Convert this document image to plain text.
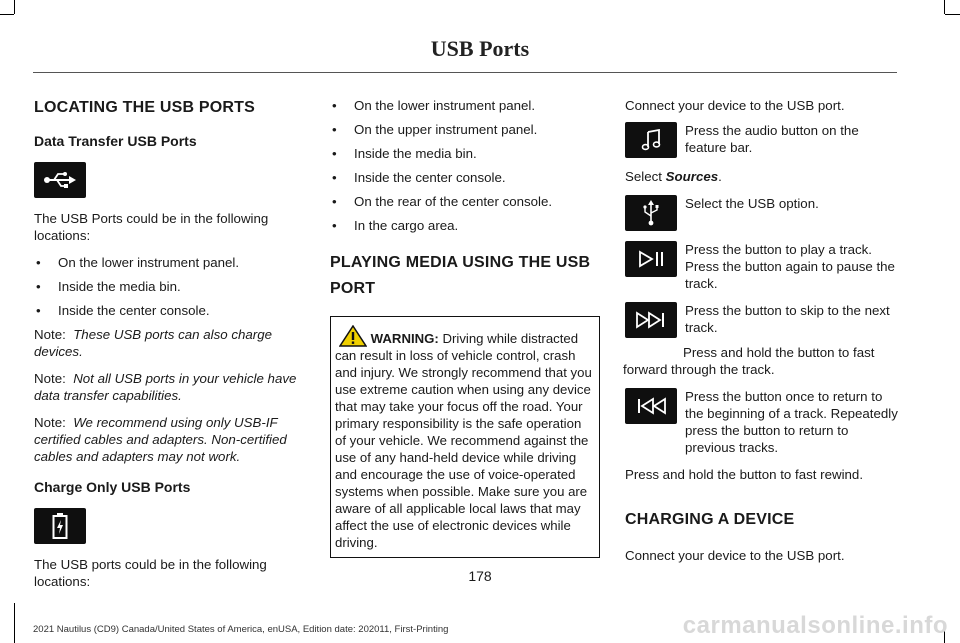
USB Ports
LOCATING THE USB PORTS
Data Transfer USB Ports

The USB Ports could be in the following locations:

• On the lower instrument panel.
• Inside the media bin.
• Inside the center console.

Note: These USB ports can also charge devices.

Note: Not all USB ports in your vehicle have data transfer capabilities.

Note: We recommend using only USB-IF certified cables and adapters. Non-certified cables and adapters may not work.

Charge Only USB Ports

The USB ports could be in the following locations:

• On the lower instrument panel.
• On the upper instrument panel.
• Inside the media bin.
• Inside the center console.
• On the rear of the center console.
• In the cargo area.
PLAYING MEDIA USING THE USB PORT
WARNING: Driving while distracted can result in loss of vehicle control, crash and injury. We strongly recommend that you use extreme caution when using any device that may take your focus off the road. Your primary responsibility is the safe operation of your vehicle. We recommend against the use of any hand-held device while driving and encourage the use of voice-operated systems when possible. Make sure you are aware of all applicable local laws that may affect the use of electronic devices while driving.

Connect your device to the USB port.

Press the audio button on the feature bar.

Select Sources.

Select the USB option.
Press the button to play a track. Press the button again to pause the track.
Press the button to skip to the next track.

Press and hold the button to fast forward through the track.

Press the button once to return to the beginning of a track. Repeatedly press the button to return to previous tracks.

Press and hold the button to fast rewind.

CHARGING A DEVICE

Connect your device to the USB port.

178
2021 Nautilus (CD9) Canada/United States of America, enUSA, Edition date: 202011, First-Printing	carmanualsonline.info
